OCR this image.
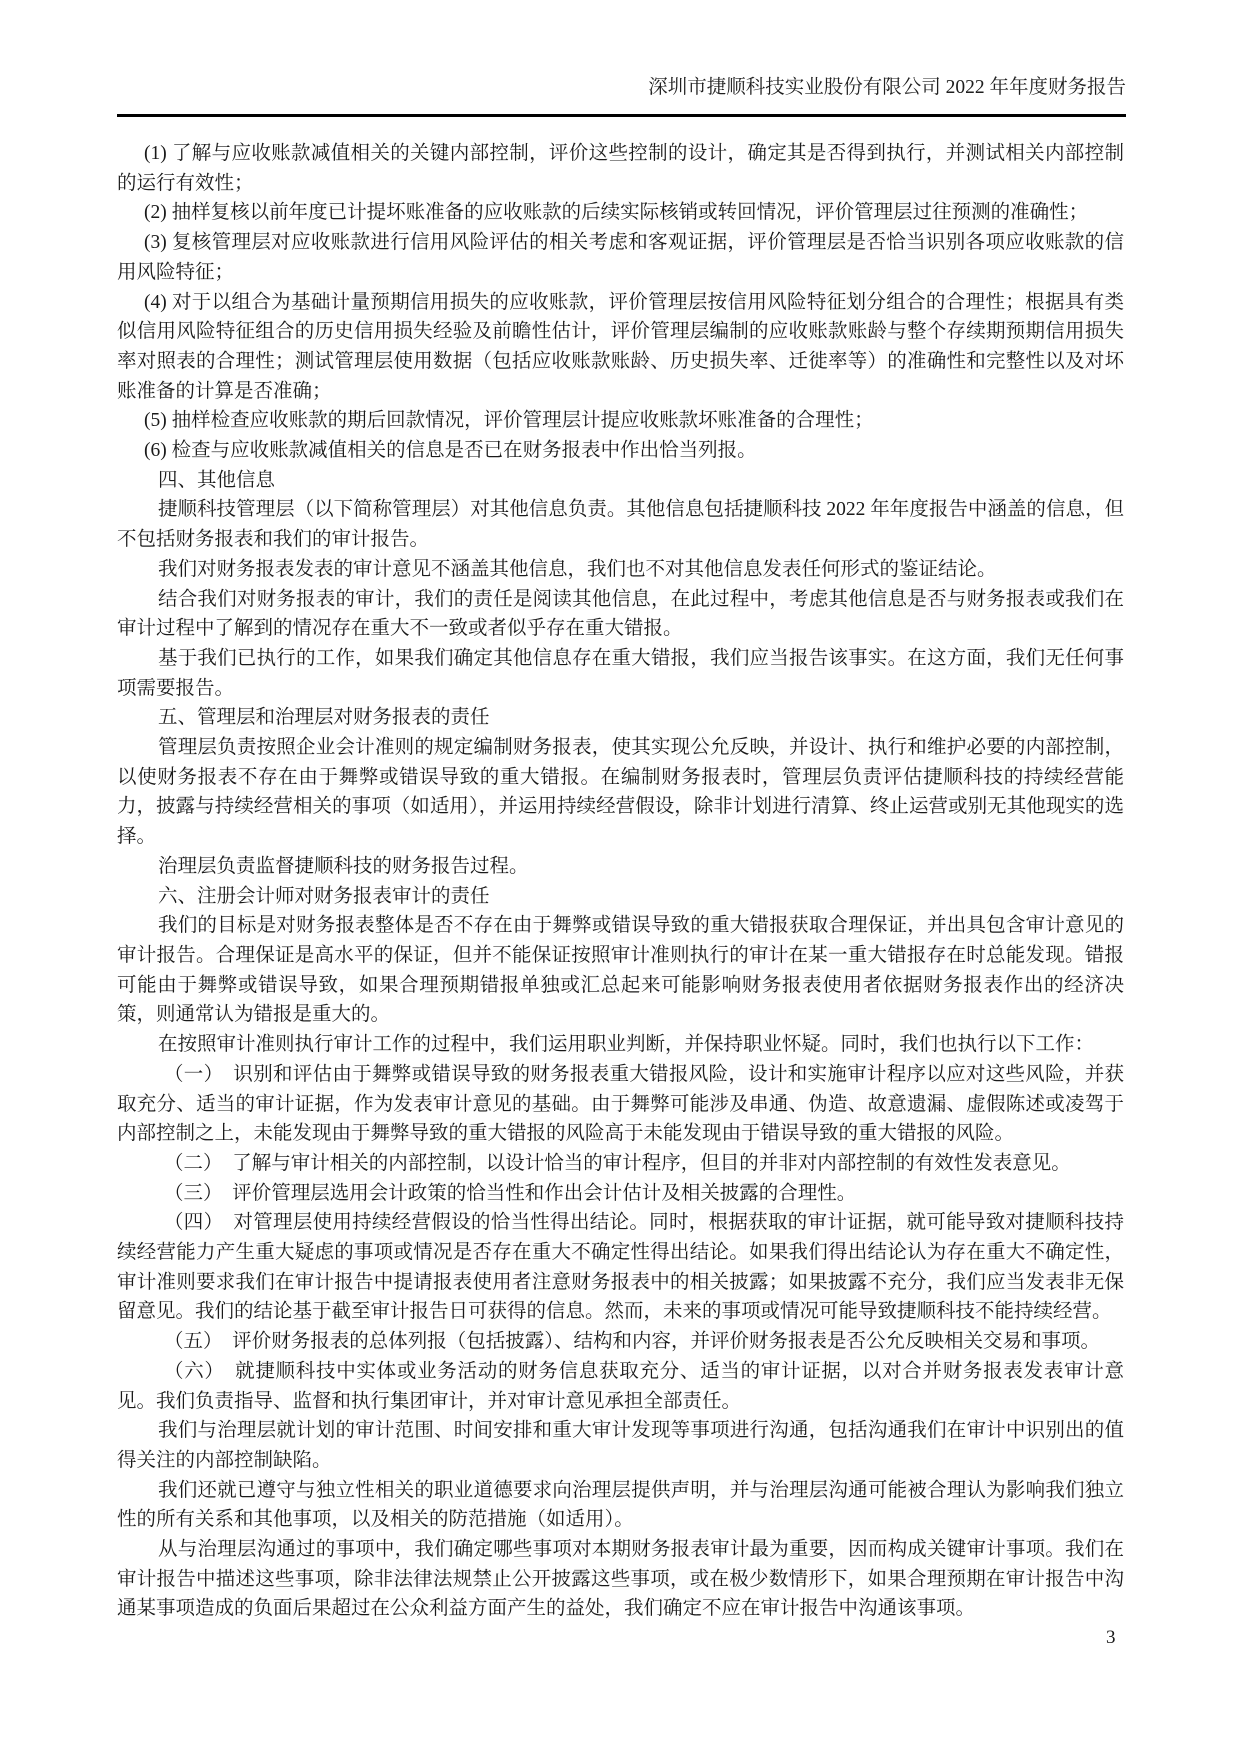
深圳市捷顺科技实业股份有限公司 2022 年年度财务报告

(1) 了解与应收账款减值相关的关键内部控制，评价这些控制的设计，确定其是否得到执行，并测试相关内部控制的运行有效性；

(2) 抽样复核以前年度已计提坏账准备的应收账款的后续实际核销或转回情况，评价管理层过往预测的准确性；

(3) 复核管理层对应收账款进行信用风险评估的相关考虑和客观证据，评价管理层是否恰当识别各项应收账款的信用风险特征；

(4) 对于以组合为基础计量预期信用损失的应收账款，评价管理层按信用风险特征划分组合的合理性；根据具有类似信用风险特征组合的历史信用损失经验及前瞻性估计，评价管理层编制的应收账款账龄与整个存续期预期信用损失率对照表的合理性；测试管理层使用数据（包括应收账款账龄、历史损失率、迁徙率等）的准确性和完整性以及对坏账准备的计算是否准确；

(5) 抽样检查应收账款的期后回款情况，评价管理层计提应收账款坏账准备的合理性；

(6) 检查与应收账款减值相关的信息是否已在财务报表中作出恰当列报。

四、其他信息

捷顺科技管理层（以下简称管理层）对其他信息负责。其他信息包括捷顺科技 2022 年年度报告中涵盖的信息，但不包括财务报表和我们的审计报告。

我们对财务报表发表的审计意见不涵盖其他信息，我们也不对其他信息发表任何形式的鉴证结论。

结合我们对财务报表的审计，我们的责任是阅读其他信息，在此过程中，考虑其他信息是否与财务报表或我们在审计过程中了解到的情况存在重大不一致或者似乎存在重大错报。

基于我们已执行的工作，如果我们确定其他信息存在重大错报，我们应当报告该事实。在这方面，我们无任何事项需要报告。

五、管理层和治理层对财务报表的责任

管理层负责按照企业会计准则的规定编制财务报表，使其实现公允反映，并设计、执行和维护必要的内部控制，以使财务报表不存在由于舞弊或错误导致的重大错报。在编制财务报表时，管理层负责评估捷顺科技的持续经营能力，披露与持续经营相关的事项（如适用），并运用持续经营假设，除非计划进行清算、终止运营或别无其他现实的选择。

治理层负责监督捷顺科技的财务报告过程。

六、注册会计师对财务报表审计的责任

我们的目标是对财务报表整体是否不存在由于舞弊或错误导致的重大错报获取合理保证，并出具包含审计意见的审计报告。合理保证是高水平的保证，但并不能保证按照审计准则执行的审计在某一重大错报存在时总能发现。错报可能由于舞弊或错误导致，如果合理预期错报单独或汇总起来可能影响财务报表使用者依据财务报表作出的经济决策，则通常认为错报是重大的。

在按照审计准则执行审计工作的过程中，我们运用职业判断，并保持职业怀疑。同时，我们也执行以下工作：

（一）　识别和评估由于舞弊或错误导致的财务报表重大错报风险，设计和实施审计程序以应对这些风险，并获取充分、适当的审计证据，作为发表审计意见的基础。由于舞弊可能涉及串通、伪造、故意遗漏、虚假陈述或凌驾于内部控制之上，未能发现由于舞弊导致的重大错报的风险高于未能发现由于错误导致的重大错报的风险。

（二）　了解与审计相关的内部控制，以设计恰当的审计程序，但目的并非对内部控制的有效性发表意见。

（三）　评价管理层选用会计政策的恰当性和作出会计估计及相关披露的合理性。

（四）　对管理层使用持续经营假设的恰当性得出结论。同时，根据获取的审计证据，就可能导致对捷顺科技持续经营能力产生重大疑虑的事项或情况是否存在重大不确定性得出结论。如果我们得出结论认为存在重大不确定性，审计准则要求我们在审计报告中提请报表使用者注意财务报表中的相关披露；如果披露不充分，我们应当发表非无保留意见。我们的结论基于截至审计报告日可获得的信息。然而，未来的事项或情况可能导致捷顺科技不能持续经营。

（五）　评价财务报表的总体列报（包括披露）、结构和内容，并评价财务报表是否公允反映相关交易和事项。

（六）　就捷顺科技中实体或业务活动的财务信息获取充分、适当的审计证据，以对合并财务报表发表审计意见。我们负责指导、监督和执行集团审计，并对审计意见承担全部责任。

我们与治理层就计划的审计范围、时间安排和重大审计发现等事项进行沟通，包括沟通我们在审计中识别出的值得关注的内部控制缺陷。

我们还就已遵守与独立性相关的职业道德要求向治理层提供声明，并与治理层沟通可能被合理认为影响我们独立性的所有关系和其他事项，以及相关的防范措施（如适用）。

从与治理层沟通过的事项中，我们确定哪些事项对本期财务报表审计最为重要，因而构成关键审计事项。我们在审计报告中描述这些事项，除非法律法规禁止公开披露这些事项，或在极少数情形下，如果合理预期在审计报告中沟通某事项造成的负面后果超过在公众利益方面产生的益处，我们确定不应在审计报告中沟通该事项。

3
